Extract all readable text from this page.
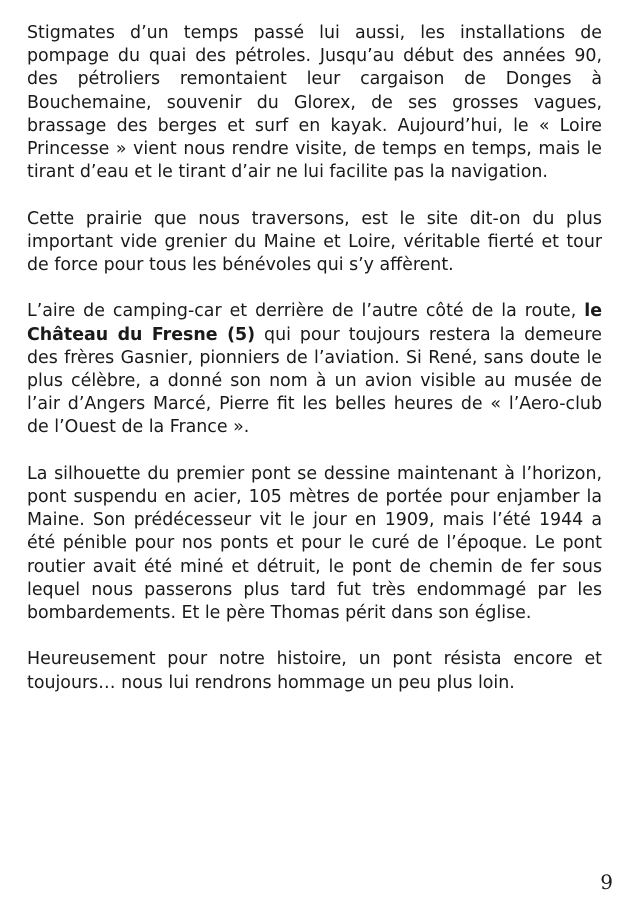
Stigmates d’un temps passé lui aussi, les installations de pompage du quai des pétroles. Jusqu’au début des années 90, des pétroliers remontaient leur cargaison de Donges à Bouchemaine, souvenir du Glorex, de ses grosses vagues, brassage des berges et surf en kayak. Aujourd’hui, le « Loire Princesse » vient nous rendre visite, de temps en temps, mais le tirant d’eau et le tirant d’air ne lui facilite pas la navigation.

Cette prairie que nous traversons, est le site dit-on du plus important vide grenier du Maine et Loire, véritable fierté et tour de force pour tous les bénévoles qui s’y affèrent.

L’aire de camping-car et derrière de l’autre côté de la route, le Château du Fresne (5) qui pour toujours restera la demeure des frères Gasnier, pionniers de l’aviation. Si René, sans doute le plus célèbre, a donné son nom à un avion visible au musée de l’air d’Angers Marcé, Pierre fit les belles heures de « l’Aero-club de l’Ouest de la France ».

La silhouette du premier pont se dessine maintenant à l’horizon, pont suspendu en acier, 105 mètres de portée pour enjamber la Maine. Son prédécesseur vit le jour en 1909, mais l’été 1944 a été pénible pour nos ponts et pour le curé de l’époque. Le pont routier avait été miné et détruit, le pont de chemin de fer sous lequel nous passerons plus tard fut très endommagé par les bombardements. Et le père Thomas périt dans son église.

Heureusement pour notre histoire, un pont résista encore et toujours… nous lui rendrons hommage un peu plus loin.

9
